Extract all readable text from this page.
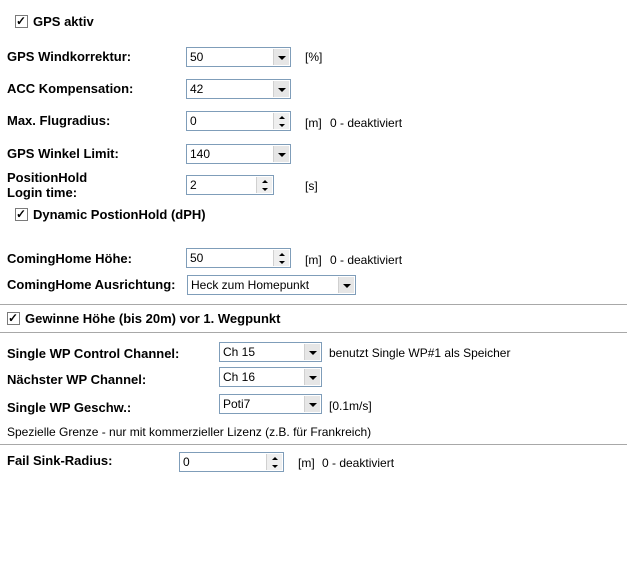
✓
GPS aktiv
GPS Windkorrektur:	50	[%]
ACC Kompensation:	42
Max. Flugradius:	0	[m] 0 - deaktiviert
GPS Winkel Limit:	140
PositionHold
Login time:	2	[s]
✓
Dynamic PostionHold (dPH)
ComingHome Höhe:	50	[m] 0 - deaktiviert
ComingHome Ausrichtung: Heck zum Homepunkt
✓
Gewinne Höhe (bis 20m) vor 1. Wegpunkt
Single WP Control Channel:	Ch 15	benutzt Single WP#1 als Speicher
Nächster WP Channel:	Ch 16
Single WP Geschw.:	Poti7	[0.1m/s]
Spezielle Grenze - nur mit kommerzieller Lizenz (z.B. für Frankreich)
Fail Sink-Radius:	0	[m] 0 - deaktiviert
